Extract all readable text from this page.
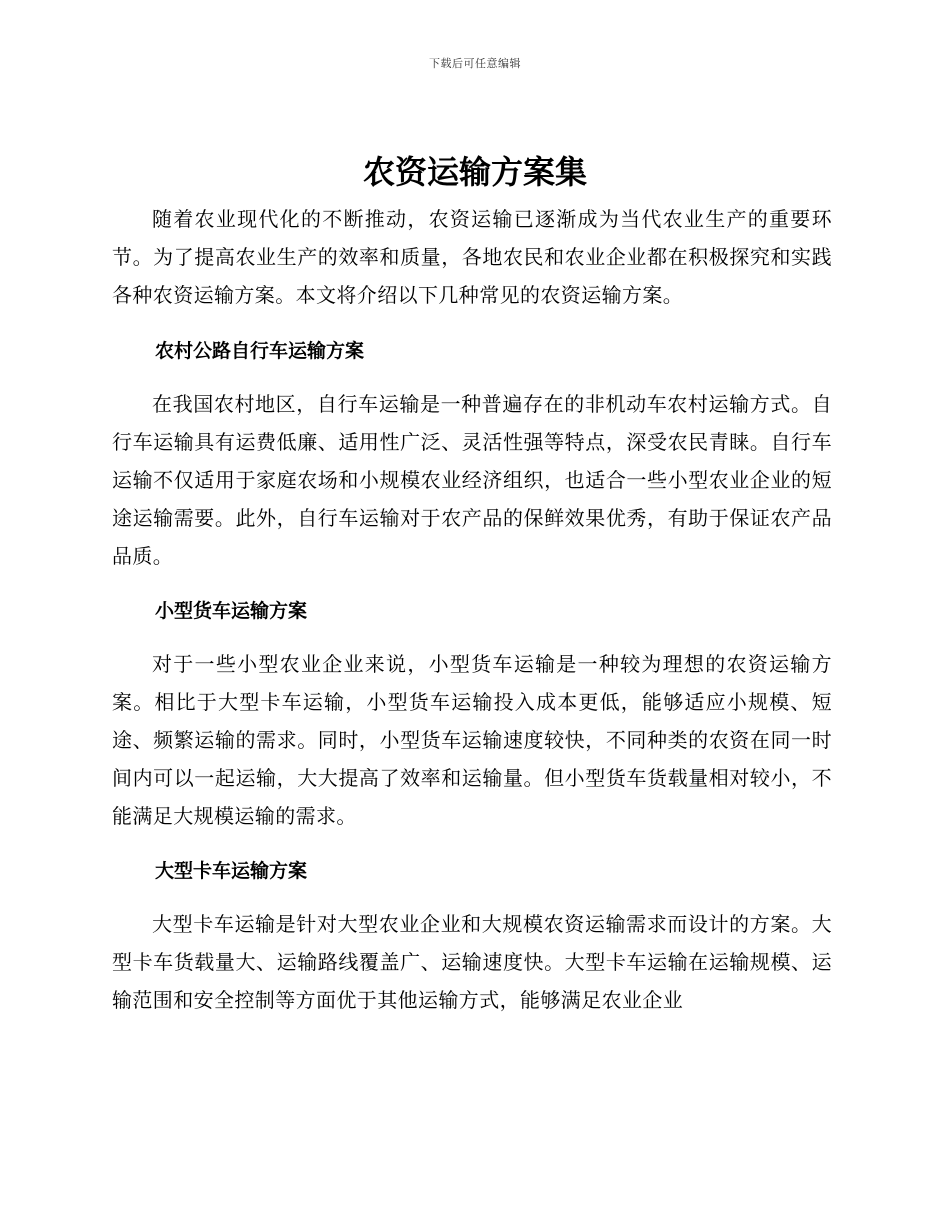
下载后可任意编辑
农资运输方案集

随着农业现代化的不断推动，农资运输已逐渐成为当代农业生产的重要环节。为了提高农业生产的效率和质量，各地农民和农业企业都在积极探究和实践各种农资运输方案。本文将介绍以下几种常见的农资运输方案。

农村公路自行车运输方案

在我国农村地区，自行车运输是一种普遍存在的非机动车农村运输方式。自行车运输具有运费低廉、适用性广泛、灵活性强等特点，深受农民青睐。自行车运输不仅适用于家庭农场和小规模农业经济组织，也适合一些小型农业企业的短途运输需要。此外，自行车运输对于农产品的保鲜效果优秀，有助于保证农产品品质。

小型货车运输方案

对于一些小型农业企业来说，小型货车运输是一种较为理想的农资运输方案。相比于大型卡车运输，小型货车运输投入成本更低，能够适应小规模、短途、频繁运输的需求。同时，小型货车运输速度较快，不同种类的农资在同一时间内可以一起运输，大大提高了效率和运输量。但小型货车货载量相对较小，不能满足大规模运输的需求。

大型卡车运输方案

大型卡车运输是针对大型农业企业和大规模农资运输需求而设计的方案。大型卡车货载量大、运输路线覆盖广、运输速度快。大型卡车运输在运输规模、运输范围和安全控制等方面优于其他运输方式，能够满足农业企业
